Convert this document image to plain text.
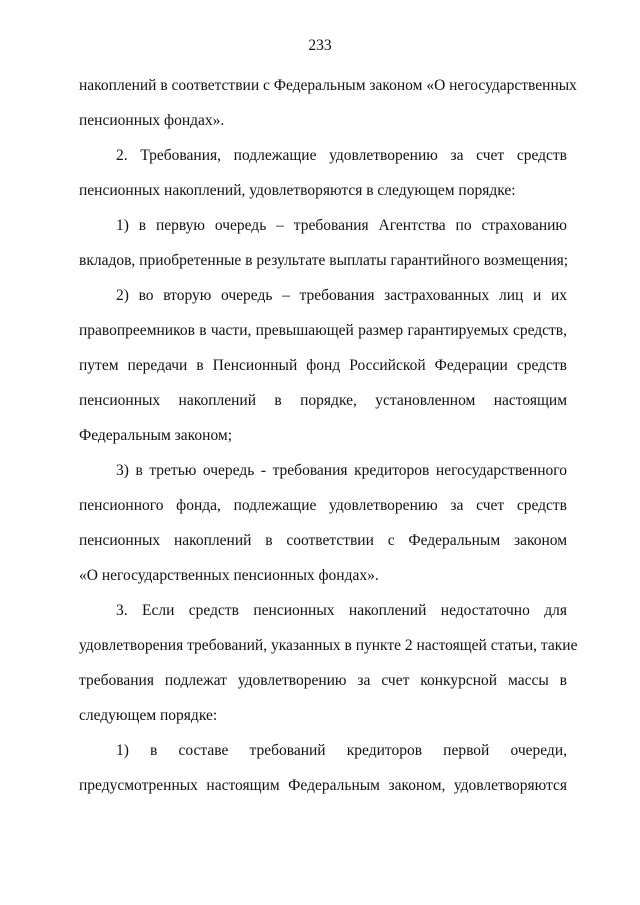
233
накоплений в соответствии с Федеральным законом «О негосударственных
пенсионных фондах».
2. Требования, подлежащие удовлетворению за счет средств
пенсионных накоплений, удовлетворяются в следующем порядке:
1) в первую очередь – требования Агентства по страхованию
вкладов, приобретенные в результате выплаты гарантийного возмещения;
2) во вторую очередь – требования застрахованных лиц и их
правопреемников в части, превышающей размер гарантируемых средств,
путем передачи в Пенсионный фонд Российской Федерации средств
пенсионных накоплений в порядке, установленном настоящим
Федеральным законом;
3) в третью очередь - требования кредиторов негосударственного
пенсионного фонда, подлежащие удовлетворению за счет средств
пенсионных накоплений в соответствии с Федеральным законом
«О негосударственных пенсионных фондах».
3. Если средств пенсионных накоплений недостаточно для
удовлетворения требований, указанных в пункте 2 настоящей статьи, такие
требования подлежат удовлетворению за счет конкурсной массы в
следующем порядке:
1) в составе требований кредиторов первой очереди,
предусмотренных настоящим Федеральным законом, удовлетворяются
